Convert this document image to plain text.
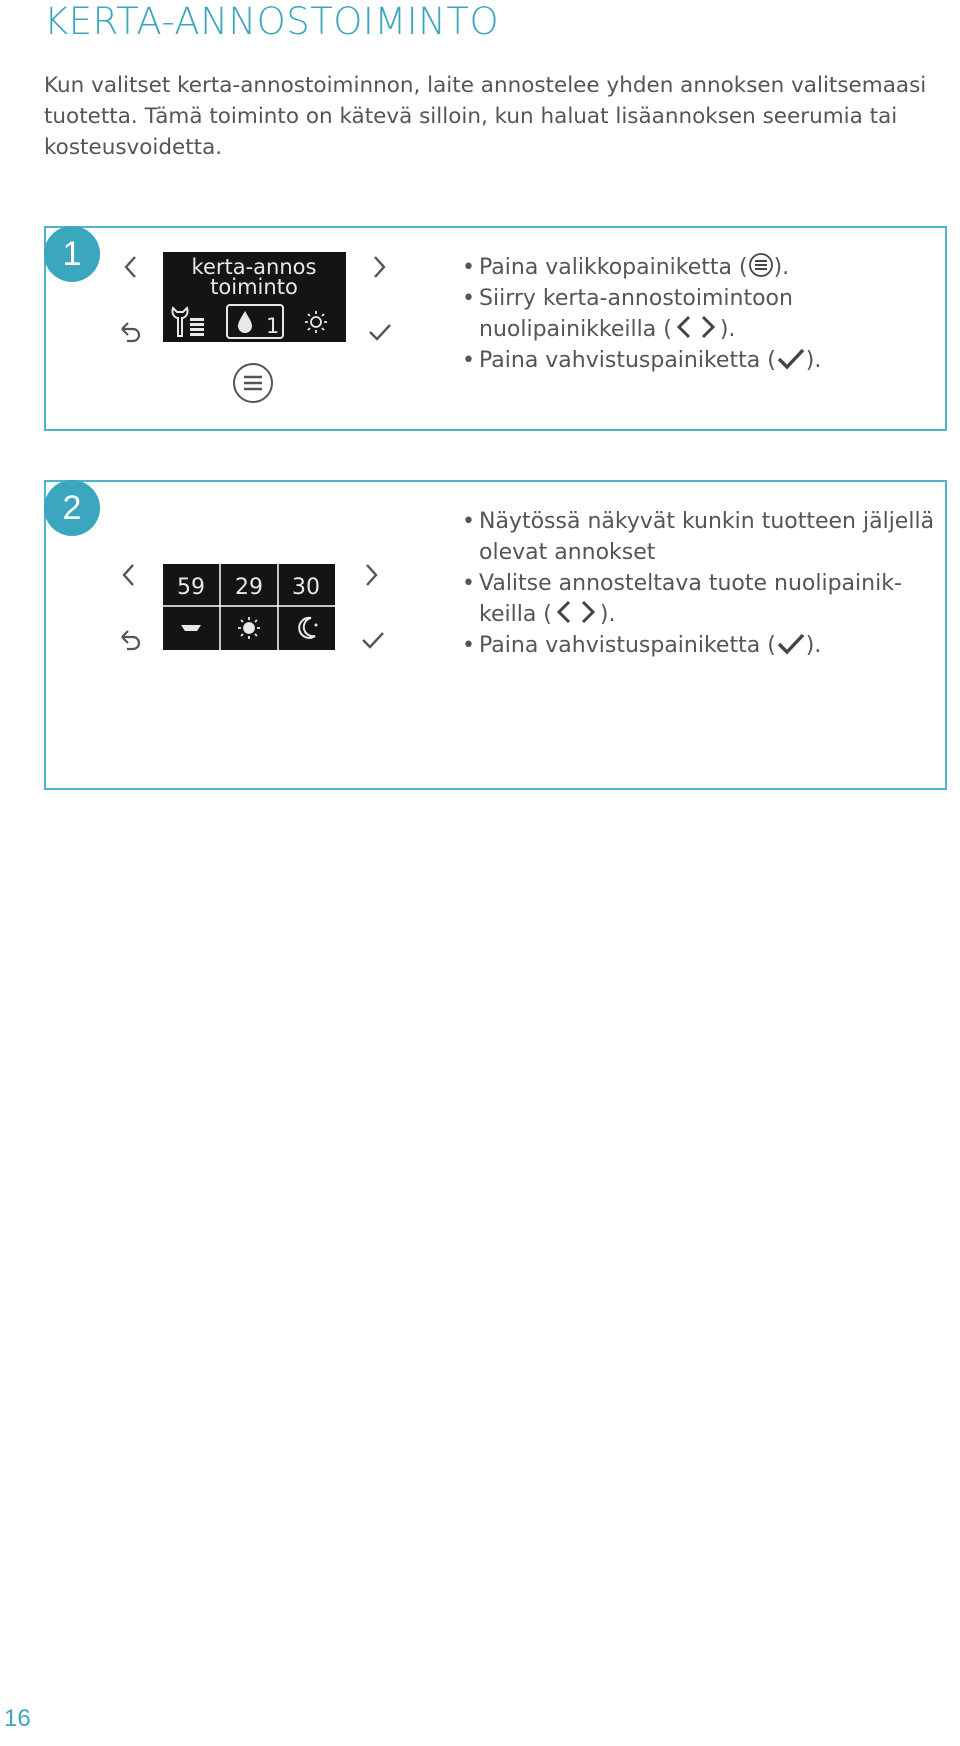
KERTA-ANNOSTOIMINTO

Kun valitset kerta-annostoiminnon, laite annostelee yhden annoksen valitsemaasi tuotetta. Tämä toiminto on kätevä silloin, kun haluat lisäannoksen seerumia tai kosteusvoidetta.

1	kerta-annos
toiminto
1
• Paina valikkopainiketta ( ).
• Siirry kerta-annostoimintoon nuolipainikkeilla ( ).
• Paina vahvistuspainiketta ( ).
2
59 29 30
• Näytössä näkyvät kunkin tuotteen jäljellä olevat annokset
• Valitse annosteltava tuote nuolipainik-keilla ( ).
• Paina vahvistuspainiketta ( ).
16
